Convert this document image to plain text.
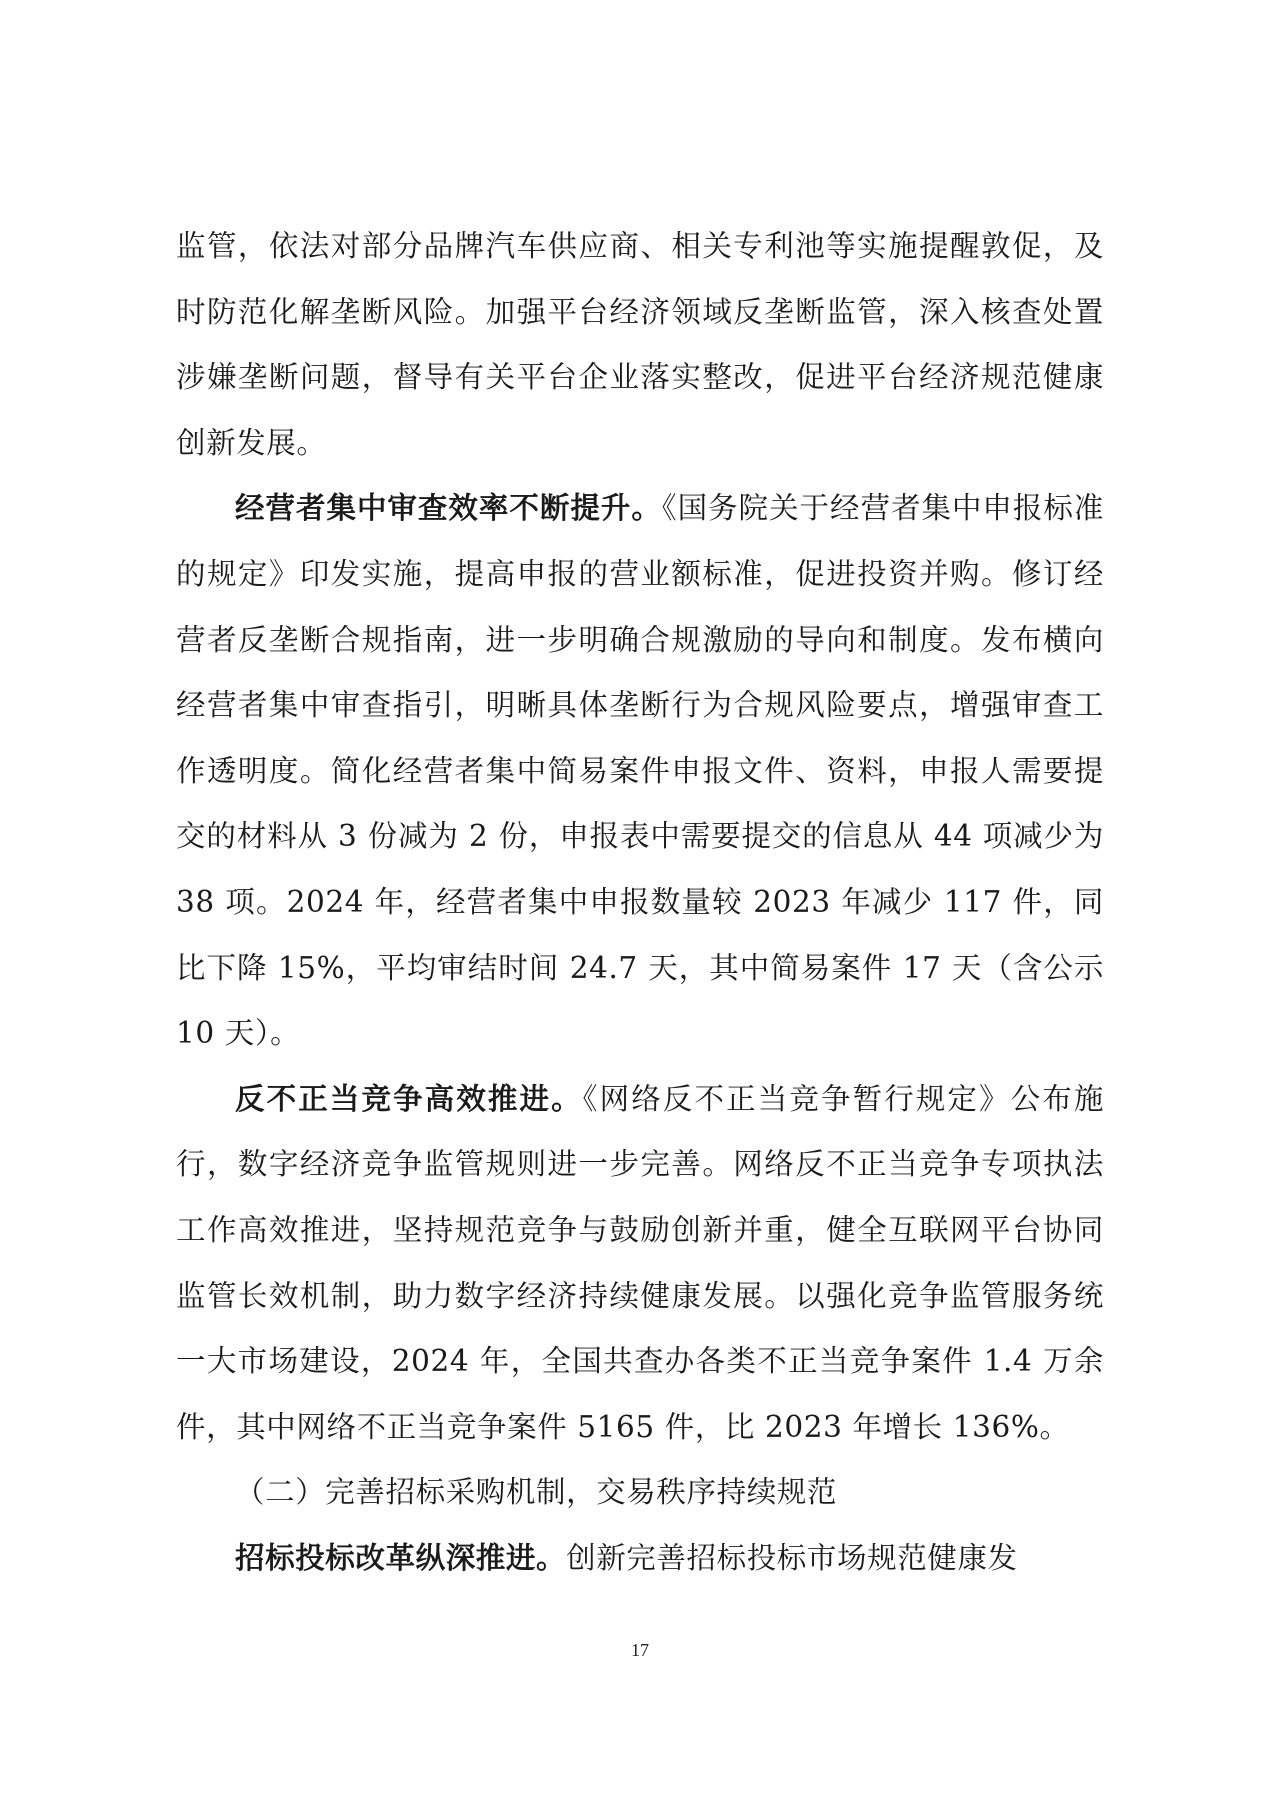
监管，依法对部分品牌汽车供应商、相关专利池等实施提醒敦促，及时防范化解垄断风险。加强平台经济领域反垄断监管，深入核查处置涉嫌垄断问题，督导有关平台企业落实整改，促进平台经济规范健康创新发展。

经营者集中审查效率不断提升。《国务院关于经营者集中申报标准的规定》印发实施，提高申报的营业额标准，促进投资并购。修订经营者反垄断合规指南，进一步明确合规激励的导向和制度。发布横向经营者集中审查指引，明晰具体垄断行为合规风险要点，增强审查工作透明度。简化经营者集中简易案件申报文件、资料，申报人需要提交的材料从 3 份减为 2 份，申报表中需要提交的信息从 44 项减少为 38 项。2024 年，经营者集中申报数量较 2023 年减少 117 件，同比下降 15%，平均审结时间 24.7 天，其中简易案件 17 天（含公示 10 天）。

反不正当竞争高效推进。《网络反不正当竞争暂行规定》公布施行，数字经济竞争监管规则进一步完善。网络反不正当竞争专项执法工作高效推进，坚持规范竞争与鼓励创新并重，健全互联网平台协同监管长效机制，助力数字经济持续健康发展。以强化竞争监管服务统一大市场建设，2024 年，全国共查办各类不正当竞争案件 1.4 万余件，其中网络不正当竞争案件 5165 件，比 2023 年增长 136%。

（二）完善招标采购机制，交易秩序持续规范

招标投标改革纵深推进。创新完善招标投标市场规范健康发

17
